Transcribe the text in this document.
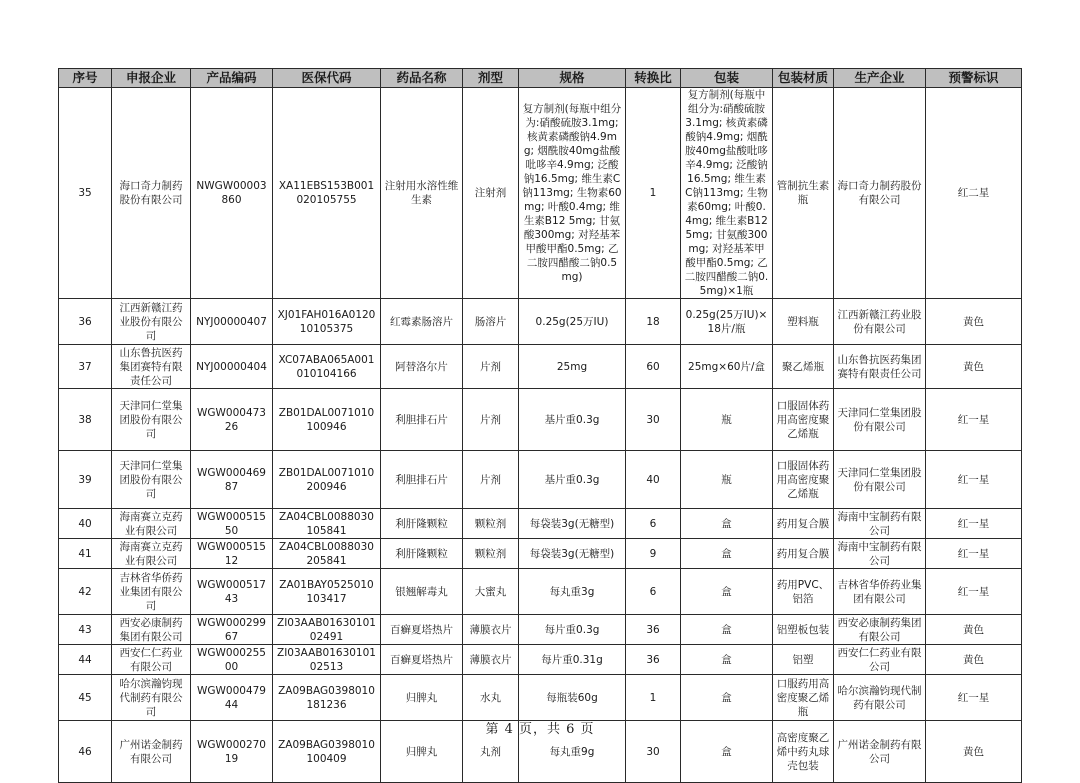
序号	申报企业	产品编码	医保代码	药品名称	剂型	规格	转换比	包装	包装材质	生产企业	预警标识
35	海口奇力制药股份有限公司	NWGW00003860	XA11EBS153B001020105755	注射用水溶性维生素	注射剂	复方制剂(每瓶中组分为:硝酸硫胺3.1mg; 核黄素磷酸钠4.9mg; 烟酰胺40mg盐酸吡哆辛4.9mg; 泛酸钠16.5mg; 维生素C钠113mg; 生物素60mg; 叶酸0.4mg; 维生素B12 5mg; 甘氨酸300mg; 对羟基苯甲酸甲酯0.5mg; 乙二胺四醋酸二钠0.5mg)	1	复方制剂(每瓶中组分为:硝酸硫胺3.1mg; 核黄素磷酸钠4.9mg; 烟酰胺40mg盐酸吡哆辛4.9mg; 泛酸钠16.5mg; 维生素C钠113mg; 生物素60mg; 叶酸0.4mg; 维生素B12 5mg; 甘氨酸300mg; 对羟基苯甲酸甲酯0.5mg; 乙二胺四醋酸二钠0.5mg)×1瓶	管制抗生素瓶	海口奇力制药股份有限公司	红二星
36	江西新赣江药业股份有限公司	NYJ00000407	XJ01FAH016A012010105375	红霉素肠溶片	肠溶片	0.25g(25万IU)	18	0.25g(25万IU)×18片/瓶	塑料瓶	江西新赣江药业股份有限公司	黄色
37	山东鲁抗医药集团赛特有限责任公司	NYJ00000404	XC07ABA065A001010104166	阿替洛尔片	片剂	25mg	60	25mg×60片/盒	聚乙烯瓶	山东鲁抗医药集团赛特有限责任公司	黄色
38	天津同仁堂集团股份有限公司	WGW00047326	ZB01DAL0071010100946	利胆排石片	片剂	基片重0.3g	30	瓶	口服固体药用高密度聚乙烯瓶	天津同仁堂集团股份有限公司	红一星
39	天津同仁堂集团股份有限公司	WGW00046987	ZB01DAL0071010200946	利胆排石片	片剂	基片重0.3g	40	瓶	口服固体药用高密度聚乙烯瓶	天津同仁堂集团股份有限公司	红一星
40	海南赛立克药业有限公司	WGW00051550	ZA04CBL0088030105841	利肝隆颗粒	颗粒剂	每袋装3g(无糖型)	6	盒	药用复合膜	海南中宝制药有限公司	红一星
41	海南赛立克药业有限公司	WGW00051512	ZA04CBL0088030205841	利肝隆颗粒	颗粒剂	每袋装3g(无糖型)	9	盒	药用复合膜	海南中宝制药有限公司	红一星
42	吉林省华侨药业集团有限公司	WGW00051743	ZA01BAY0525010103417	银翘解毒丸	大蜜丸	每丸重3g	6	盒	药用PVC、铝箔	吉林省华侨药业集团有限公司	红一星
43	西安必康制药集团有限公司	WGW00029967	ZI03AAB0163010102491	百癣夏塔热片	薄膜衣片	每片重0.3g	36	盒	铝塑板包装	西安必康制药集团有限公司	黄色
44	西安仁仁药业有限公司	WGW00025500	ZI03AAB0163010102513	百癣夏塔热片	薄膜衣片	每片重0.31g	36	盒	铝塑	西安仁仁药业有限公司	黄色
45	哈尔滨瀚钧现代制药有限公司	WGW00047944	ZA09BAG0398010181236	归脾丸	水丸	每瓶装60g	1	盒	口服药用高密度聚乙烯瓶	哈尔滨瀚钧现代制药有限公司	红一星
46	广州诺金制药有限公司	WGW00027019	ZA09BAG0398010100409	归脾丸	丸剂	每丸重9g	30	盒	高密度聚乙烯中药丸球壳包装	广州诺金制药有限公司	黄色
第 4 页，共 6 页
